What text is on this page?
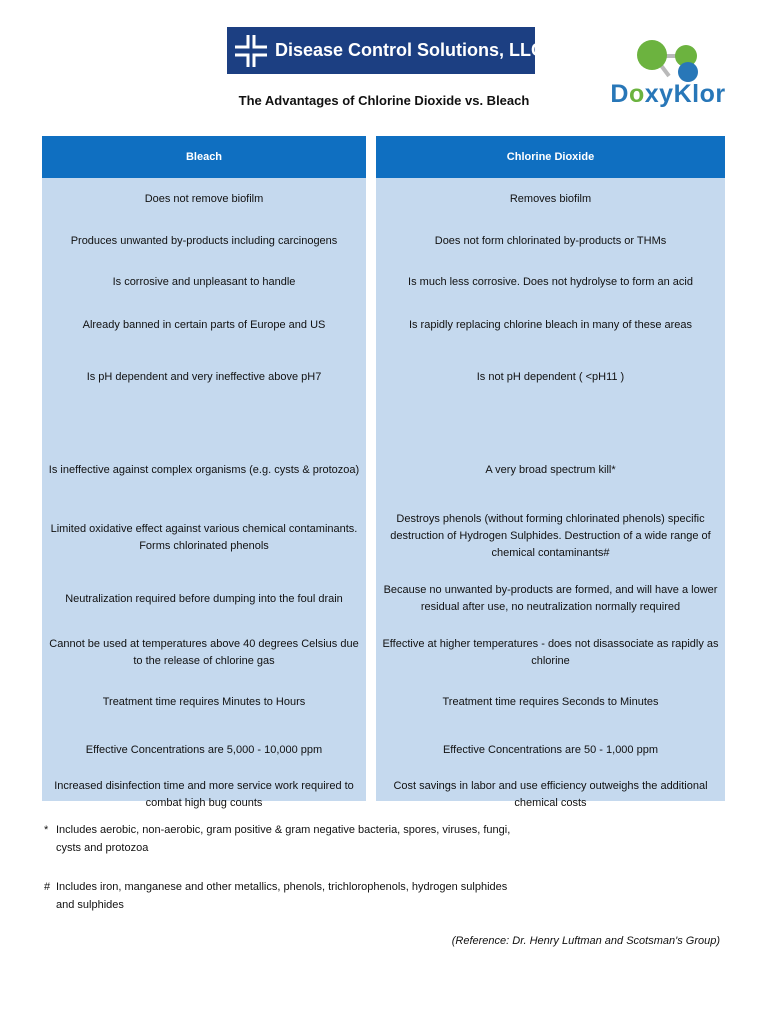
Disease Control Solutions, LLC
DoxyKlor
The Advantages of Chlorine Dioxide vs. Bleach
Bleach
Does not remove biofilm
Produces unwanted by-products including carcinogens
Is corrosive and unpleasant to handle
Already banned in certain parts of Europe and US
Is pH dependent and very ineffective above pH7
Is ineffective against complex organisms (e.g. cysts & protozoa)
Limited oxidative effect against various chemical contaminants. Forms chlorinated phenols
Neutralization required before dumping into the foul drain
Cannot be used at temperatures above 40 degrees Celsius due to the release of chlorine gas
Treatment time requires Minutes to Hours
Effective Concentrations are 5,000 - 10,000 ppm
Increased disinfection time and more service work required to combat high bug counts
Chlorine Dioxide
Removes biofilm
Does not form chlorinated by-products or THMs
Is much less corrosive. Does not hydrolyse to form an acid
Is rapidly replacing chlorine bleach in many of these areas
Is not pH dependent ( <pH11 )
A very broad spectrum kill*
Destroys phenols (without forming chlorinated phenols) specific destruction of Hydrogen Sulphides. Destruction of a wide range of chemical contaminants#
Because no unwanted by-products are formed, and will have a lower residual after use, no neutralization normally required
Effective at higher temperatures - does not disassociate as rapidly as chlorine
Treatment time requires Seconds to Minutes
Effective Concentrations are 50 - 1,000 ppm
Cost savings in labor and use efficiency outweighs the additional chemical costs
* Includes aerobic, non-aerobic, gram positive & gram negative bacteria, spores, viruses, fungi,
cysts and protozoa
# Includes iron, manganese and other metallics, phenols, trichlorophenols, hydrogen sulphides
and sulphides
(Reference: Dr. Henry Luftman and Scotsman's Group)
